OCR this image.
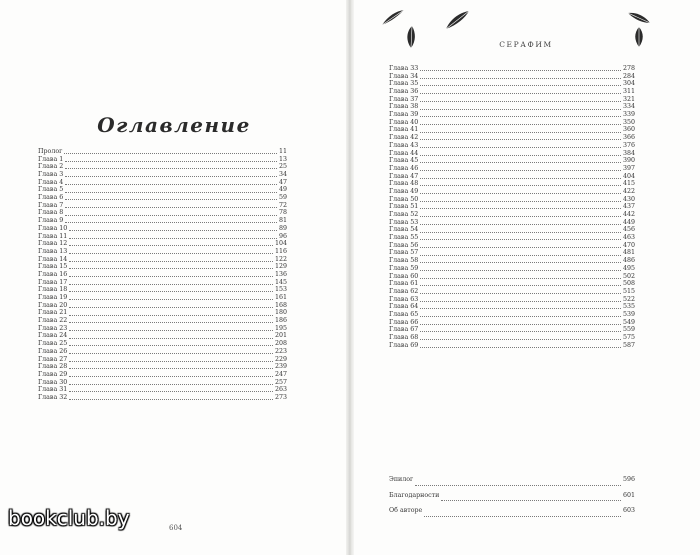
Оглавление
Пролог	11
Глава 1	13
Глава 2	25
Глава 3	34
Глава 4	47
Глава 5	49
Глава 6	59
Глава 7	72
Глава 8	78
Глава 9	81
Глава 10	89
Глава 11	96
Глава 12	104
Глава 13	116
Глава 14	122
Глава 15	129
Глава 16	136
Глава 17	145
Глава 18	153
Глава 19	161
Глава 20	168
Глава 21	180
Глава 22	186
Глава 23	195
Глава 24	201
Глава 25	208
Глава 26	223
Глава 27	229
Глава 28	239
Глава 29	247
Глава 30	257
Глава 31	263
Глава 32	273
СЕРАФИМ
Глава 33	278
Глава 34	284
Глава 35	304
Глава 36	311
Глава 37	321
Глава 38	334
Глава 39	339
Глава 40	350
Глава 41	360
Глава 42	366
Глава 43	376
Глава 44	384
Глава 45	390
Глава 46	397
Глава 47	404
Глава 48	415
Глава 49	422
Глава 50	430
Глава 51	437
Глава 52	442
Глава 53	449
Глава 54	456
Глава 55	463
Глава 56	470
Глава 57	481
Глава 58	486
Глава 59	495
Глава 60	502
Глава 61	508
Глава 62	515
Глава 63	522
Глава 64	535
Глава 65	539
Глава 66	549
Глава 67	559
Глава 68	575
Глава 69	587
Эпилог	596
Благодарности	601
Об авторе	603
604
bookclub.by
